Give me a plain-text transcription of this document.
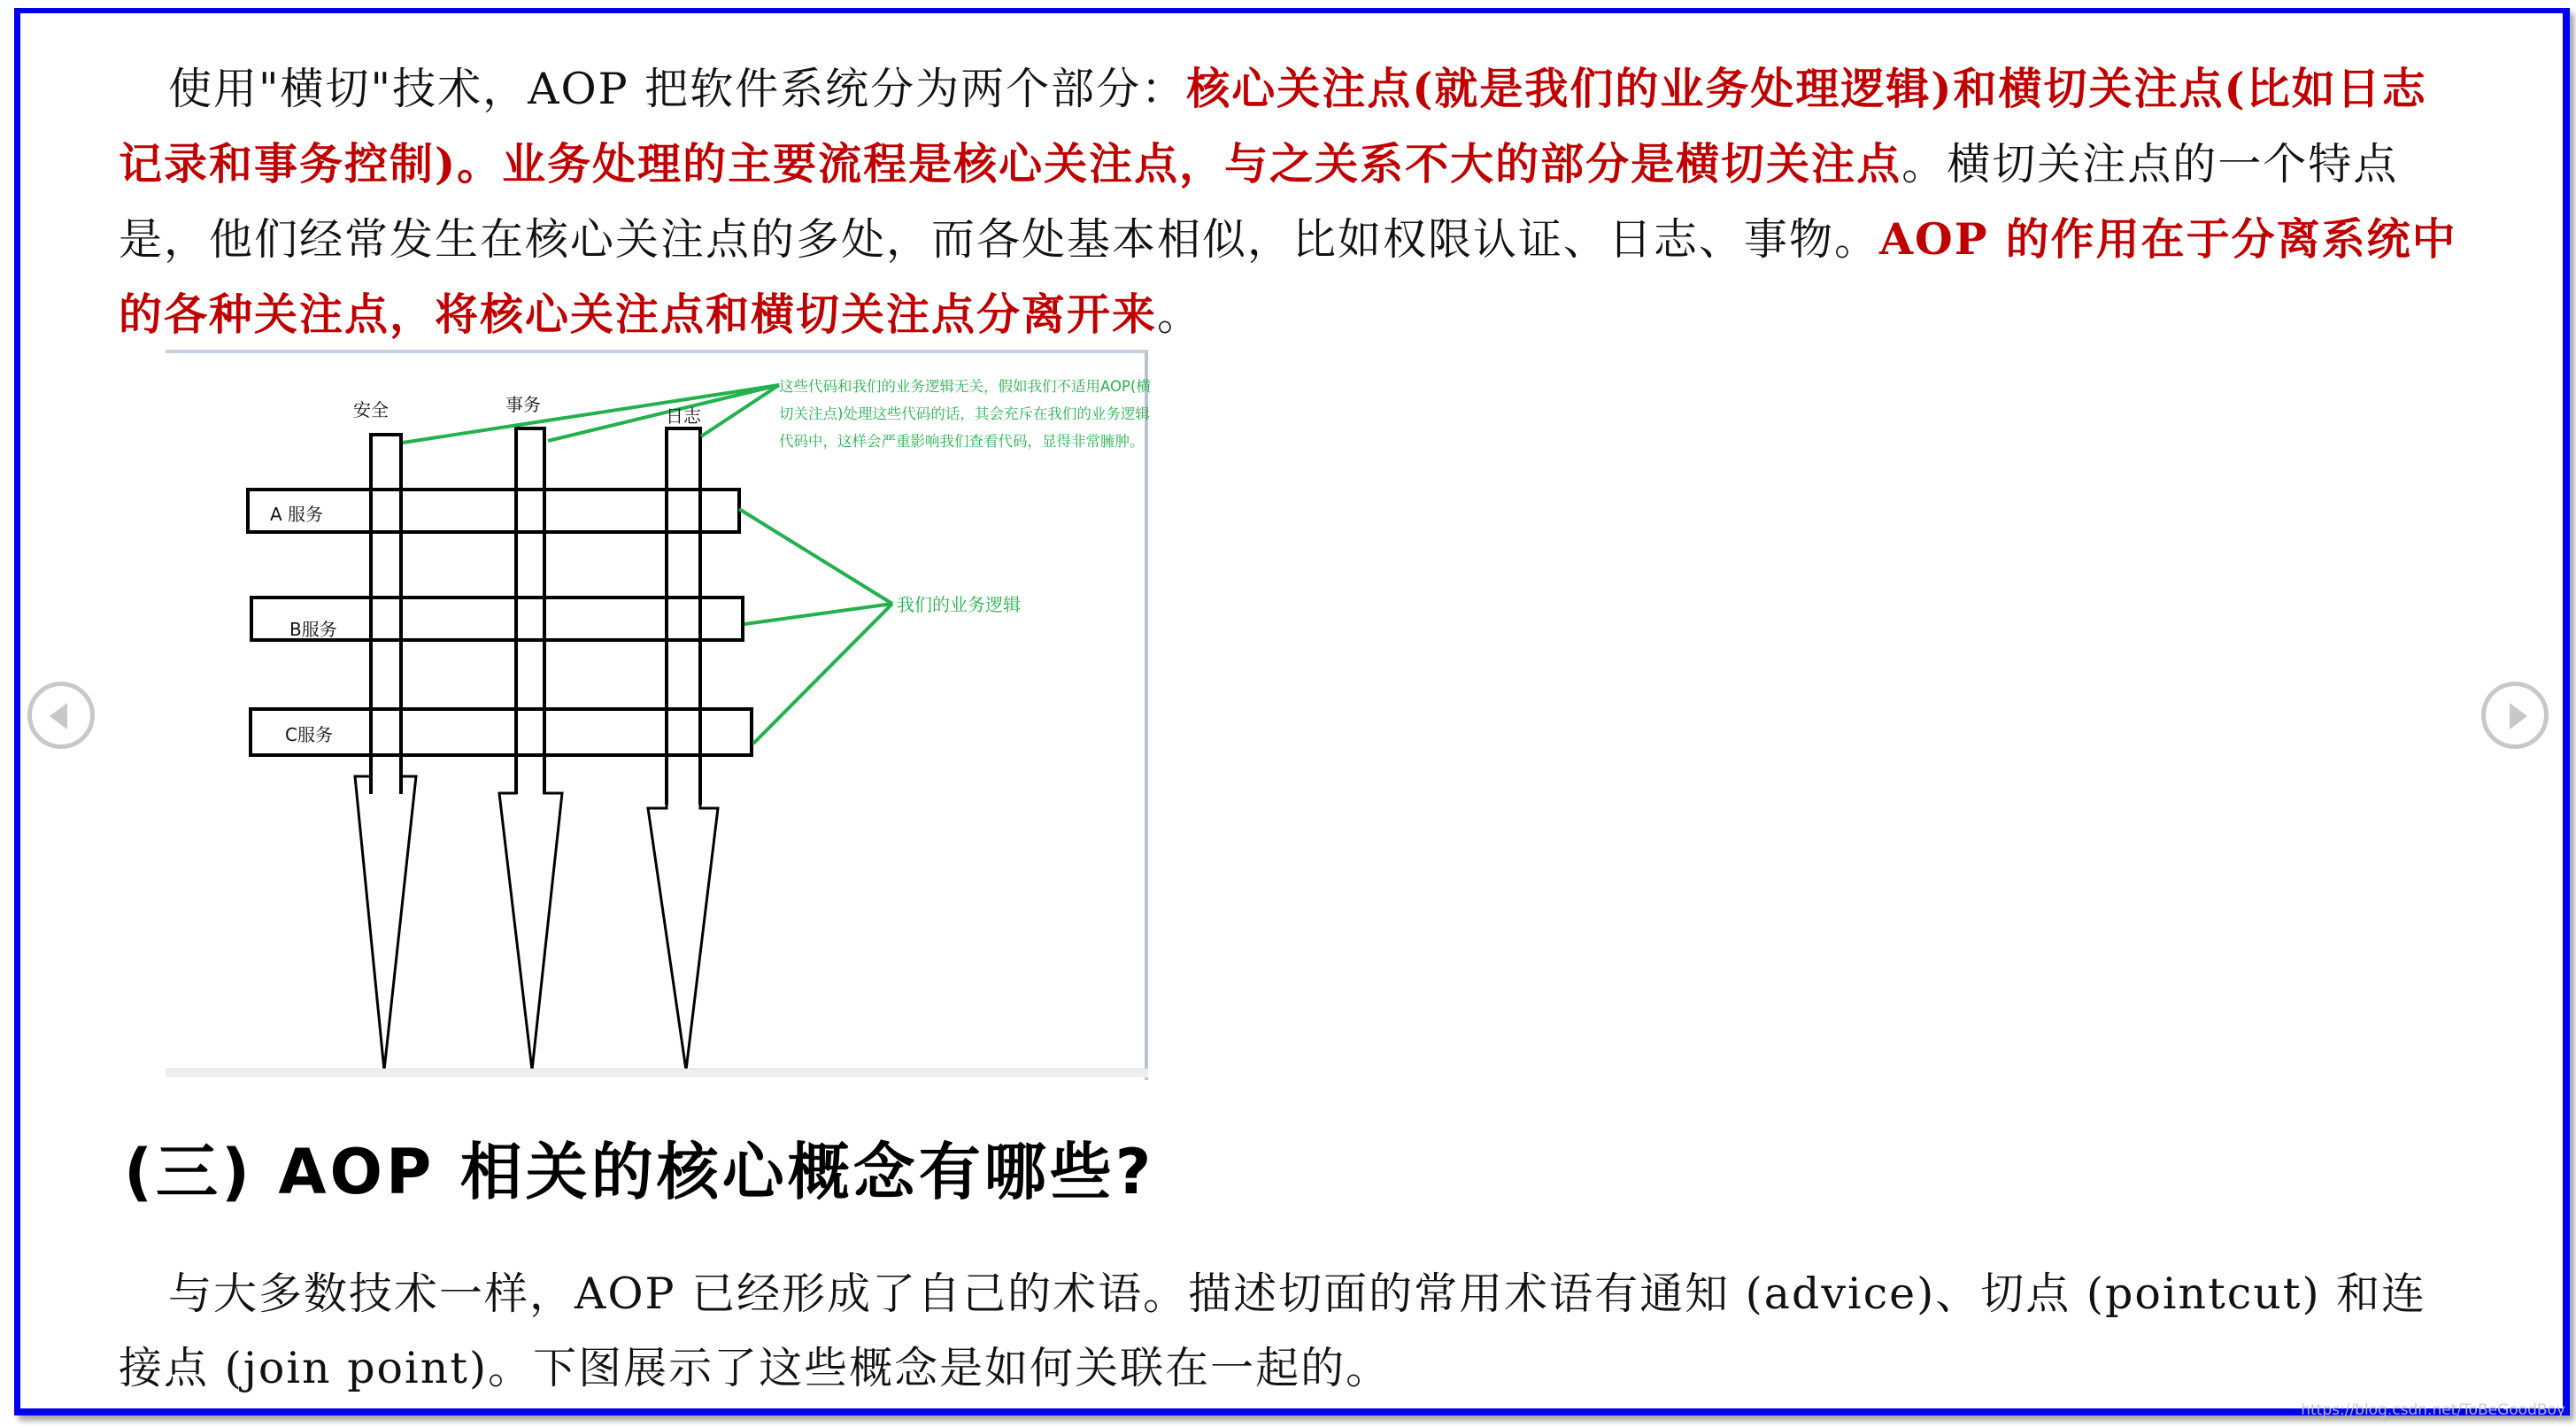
使用"横切"技术，AOP 把软件系统分为两个部分：核心关注点(就是我们的业务处理逻辑)和横切关注点(比如日志记录和事务控制)。业务处理的主要流程是核心关注点，与之关系不大的部分是横切关注点。横切关注点的一个特点是，他们经常发生在核心关注点的多处，而各处基本相似，比如权限认证、日志、事物。AOP 的作用在于分离系统中的各种关注点，将核心关注点和横切关注点分离开来。
安全	事务
日志
A 服务
B服务
C服务
这些代码和我们的业务逻辑无关，假如我们不适用AOP(横切关注点)处理这些代码的话，其会充斥在我们的业务逻辑代码中，这样会严重影响我们查看代码，显得非常臃肿。
我们的业务逻辑
(三) AOP 相关的核心概念有哪些?
与大多数技术一样，AOP 已经形成了自己的术语。描述切面的常用术语有通知 (advice)、切点 (pointcut) 和连接点 (join point)。下图展示了这些概念是如何关联在一起的。
https://blog.csdn.net/ToBeGoodBoy
